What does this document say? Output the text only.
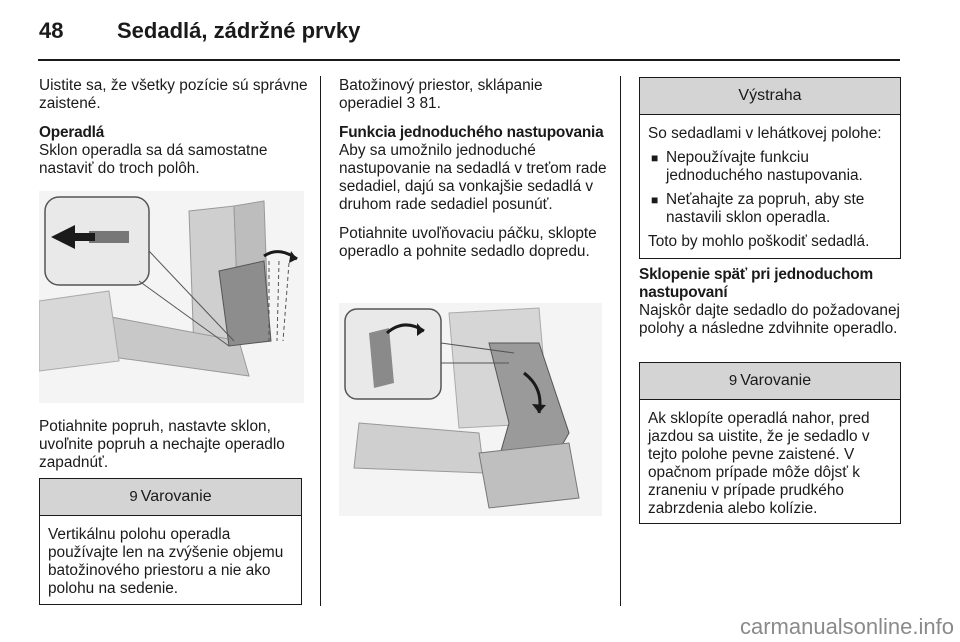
48 Sedadlá, zádržné prvky

Uistite sa, že všetky pozície sú správne zaistené.

Operadlá

Sklon operadla sa dá samostatne nastaviť do troch polôh.

Potiahnite popruh, nastavte sklon, uvoľnite popruh a nechajte operadlo zapadnúť.

9 Varovanie

Vertikálnu polohu operadla používajte len na zvýšenie objemu batožinového priestoru a nie ako polohu na sedenie.

Batožinový priestor, sklápanie operadiel 3 81.

Funkcia jednoduchého nastupovania

Aby sa umožnilo jednoduché nastupovanie na sedadlá v treťom rade sedadiel, dajú sa vonkajšie sedadlá v druhom rade sedadiel posunúť.

Potiahnite uvoľňovaciu páčku, sklopte operadlo a pohnite sedadlo dopredu.

Výstraha

So sedadlami v lehátkovej polohe:

■ Nepoužívajte funkciu jednoduchého nastupovania.
■ Neťahajte za popruh, aby ste nastavili sklon operadla.

Toto by mohlo poškodiť sedadlá.

Sklopenie späť pri jednoduchom nastupovaní

Najskôr dajte sedadlo do požadovanej polohy a následne zdvihnite operadlo.

9 Varovanie

Ak sklopíte operadlá nahor, pred jazdou sa uistite, že je sedadlo v tejto polohe pevne zaistené. V opačnom prípade môže dôjsť k zraneniu v prípade prudkého zabrzdenia alebo kolízie.

carmanualsonline.info
